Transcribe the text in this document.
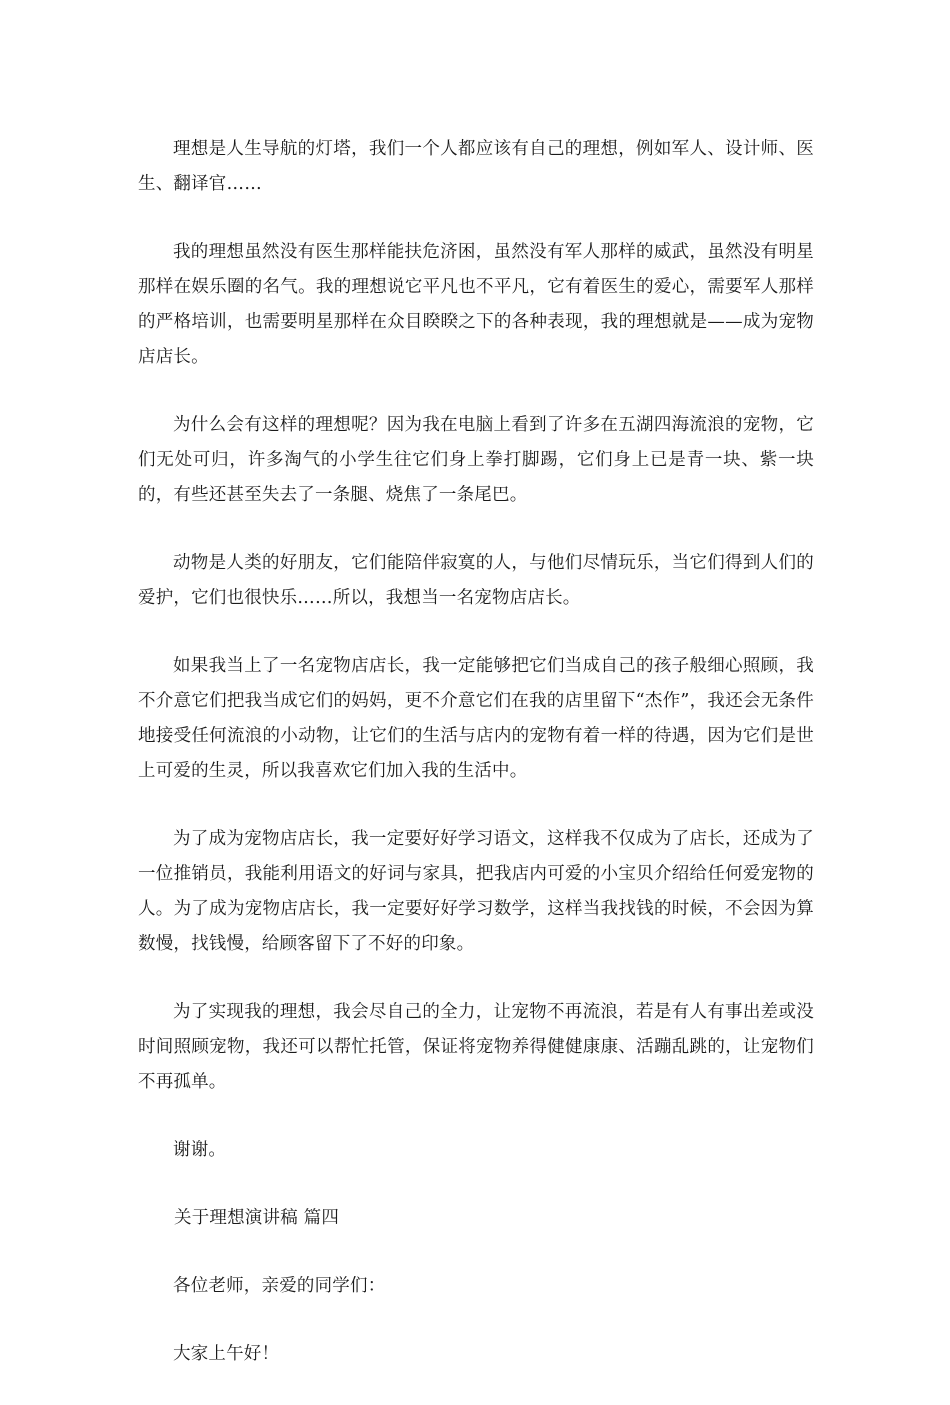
理想是人生导航的灯塔，我们一个人都应该有自己的理想，例如军人、设计师、医生、翻译官……

我的理想虽然没有医生那样能扶危济困，虽然没有军人那样的威武，虽然没有明星那样在娱乐圈的名气。我的理想说它平凡也不平凡，它有着医生的爱心，需要军人那样的严格培训，也需要明星那样在众目睽睽之下的各种表现，我的理想就是——成为宠物店店长。

为什么会有这样的理想呢？因为我在电脑上看到了许多在五湖四海流浪的宠物，它们无处可归，许多淘气的小学生往它们身上拳打脚踢，它们身上已是青一块、紫一块的，有些还甚至失去了一条腿、烧焦了一条尾巴。

动物是人类的好朋友，它们能陪伴寂寞的人，与他们尽情玩乐，当它们得到人们的爱护，它们也很快乐……所以，我想当一名宠物店店长。

如果我当上了一名宠物店店长，我一定能够把它们当成自己的孩子般细心照顾，我不介意它们把我当成它们的妈妈，更不介意它们在我的店里留下“杰作”，我还会无条件地接受任何流浪的小动物，让它们的生活与店内的宠物有着一样的待遇，因为它们是世上可爱的生灵，所以我喜欢它们加入我的生活中。

为了成为宠物店店长，我一定要好好学习语文，这样我不仅成为了店长，还成为了一位推销员，我能利用语文的好词与家具，把我店内可爱的小宝贝介绍给任何爱宠物的人。为了成为宠物店店长，我一定要好好学习数学，这样当我找钱的时候，不会因为算数慢，找钱慢，给顾客留下了不好的印象。

为了实现我的理想，我会尽自己的全力，让宠物不再流浪，若是有人有事出差或没时间照顾宠物，我还可以帮忙托管，保证将宠物养得健健康康、活蹦乱跳的，让宠物们不再孤单。

谢谢。

关于理想演讲稿 篇四

各位老师，亲爱的同学们：

大家上午好！
